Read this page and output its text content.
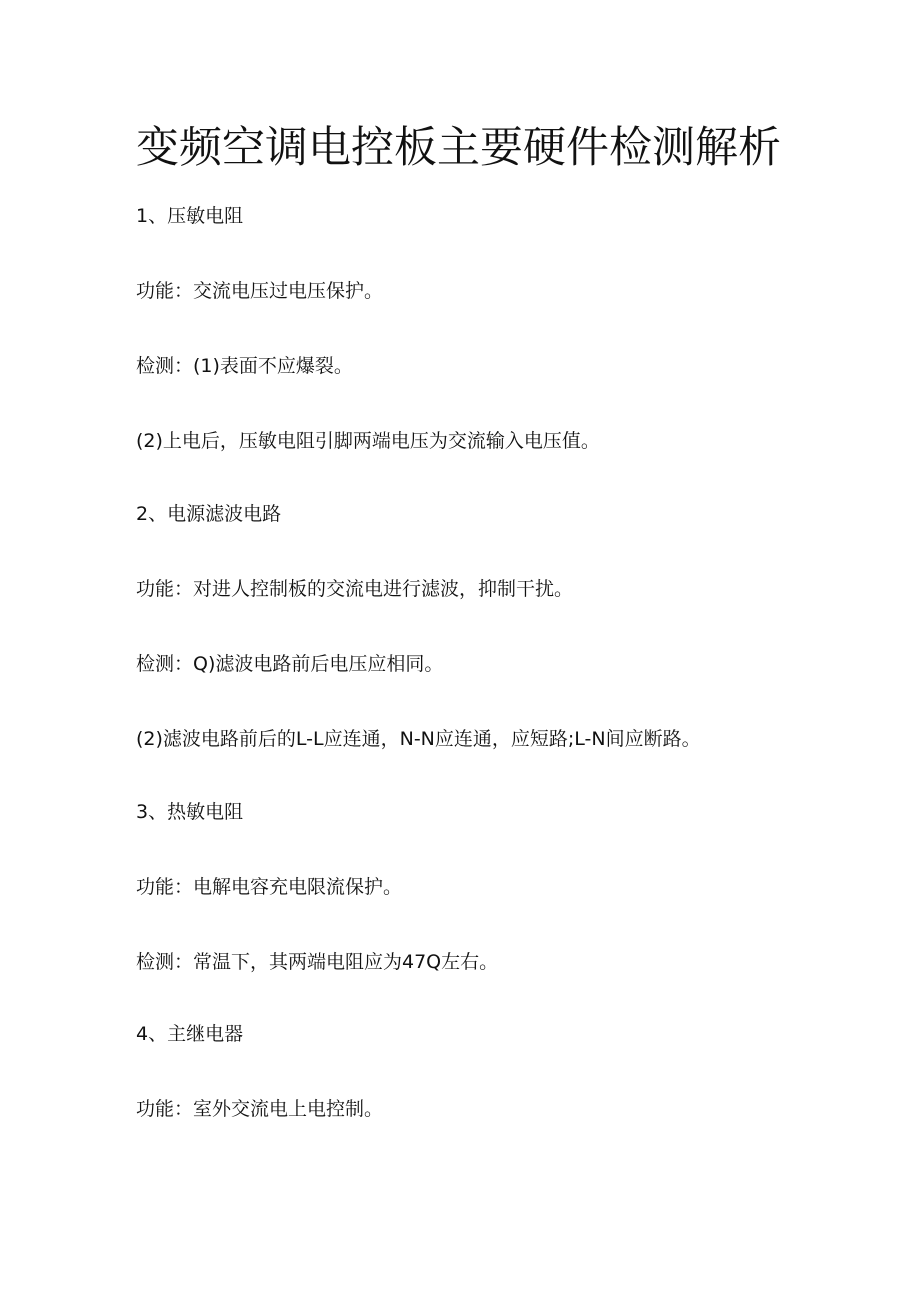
变频空调电控板主要硬件检测解析

1、压敏电阻

功能：交流电压过电压保护。

检测：(1)表面不应爆裂。

(2)上电后，压敏电阻引脚两端电压为交流输入电压值。

2、电源滤波电路

功能：对进人控制板的交流电进行滤波，抑制干扰。

检测：Q)滤波电路前后电压应相同。

(2)滤波电路前后的L-L应连通，N-N应连通，应短路;L-N间应断路。

3、热敏电阻

功能：电解电容充电限流保护。

检测：常温下，其两端电阻应为47Q左右。

4、主继电器

功能：室外交流电上电控制。
